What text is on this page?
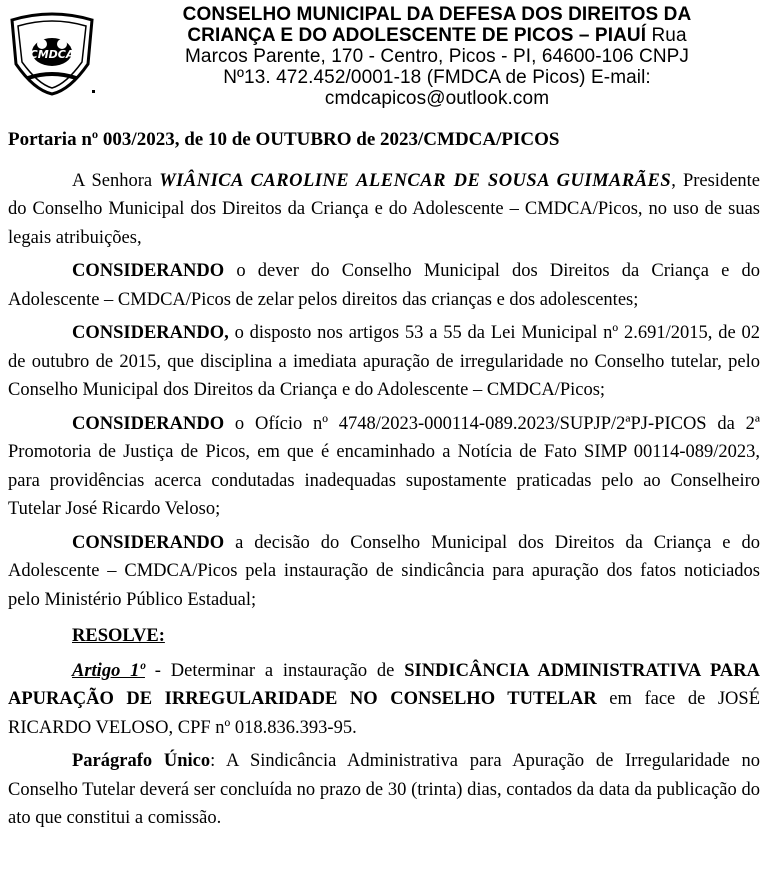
CMDCA
CONSELHO MUNICIPAL DA DEFESA DOS DIREITOS DA
CRIANÇA E DO ADOLESCENTE DE PICOS – PIAUÍ Rua
Marcos Parente, 170 - Centro, Picos - PI, 64600-106 CNPJ
Nº13. 472.452/0001-18 (FMDCA de Picos) E-mail:
cmdcapicos@outlook.com
Portaria nº 003/2023, de 10 de OUTUBRO de 2023/CMDCA/PICOS

A Senhora WIÂNICA CAROLINE ALENCAR DE SOUSA GUIMARÃES, Presidente do Conselho Municipal dos Direitos da Criança e do Adolescente – CMDCA/Picos, no uso de suas legais atribuições,

CONSIDERANDO o dever do Conselho Municipal dos Direitos da Criança e do Adolescente – CMDCA/Picos de zelar pelos direitos das crianças e dos adolescentes;

CONSIDERANDO, o disposto nos artigos 53 a 55 da Lei Municipal nº 2.691/2015, de 02 de outubro de 2015, que disciplina a imediata apuração de irregularidade no Conselho tutelar, pelo Conselho Municipal dos Direitos da Criança e do Adolescente – CMDCA/Picos;

CONSIDERANDO o Ofício nº 4748/2023-000114-089.2023/SUPJP/2ªPJ-PICOS da 2ª Promotoria de Justiça de Picos, em que é encaminhado a Notícia de Fato SIMP 00114-089/2023, para providências acerca condutadas inadequadas supostamente praticadas pelo ao Conselheiro Tutelar José Ricardo Veloso;

CONSIDERANDO a decisão do Conselho Municipal dos Direitos da Criança e do Adolescente – CMDCA/Picos pela instauração de sindicância para apuração dos fatos noticiados pelo Ministério Público Estadual;

RESOLVE:

Artigo 1º - Determinar a instauração de SINDICÂNCIA ADMINISTRATIVA PARA APURAÇÃO DE IRREGULARIDADE NO CONSELHO TUTELAR em face de JOSÉ RICARDO VELOSO, CPF nº 018.836.393-95.

Parágrafo Único: A Sindicância Administrativa para Apuração de Irregularidade no Conselho Tutelar deverá ser concluída no prazo de 30 (trinta) dias, contados da data da publicação do ato que constitui a comissão.
